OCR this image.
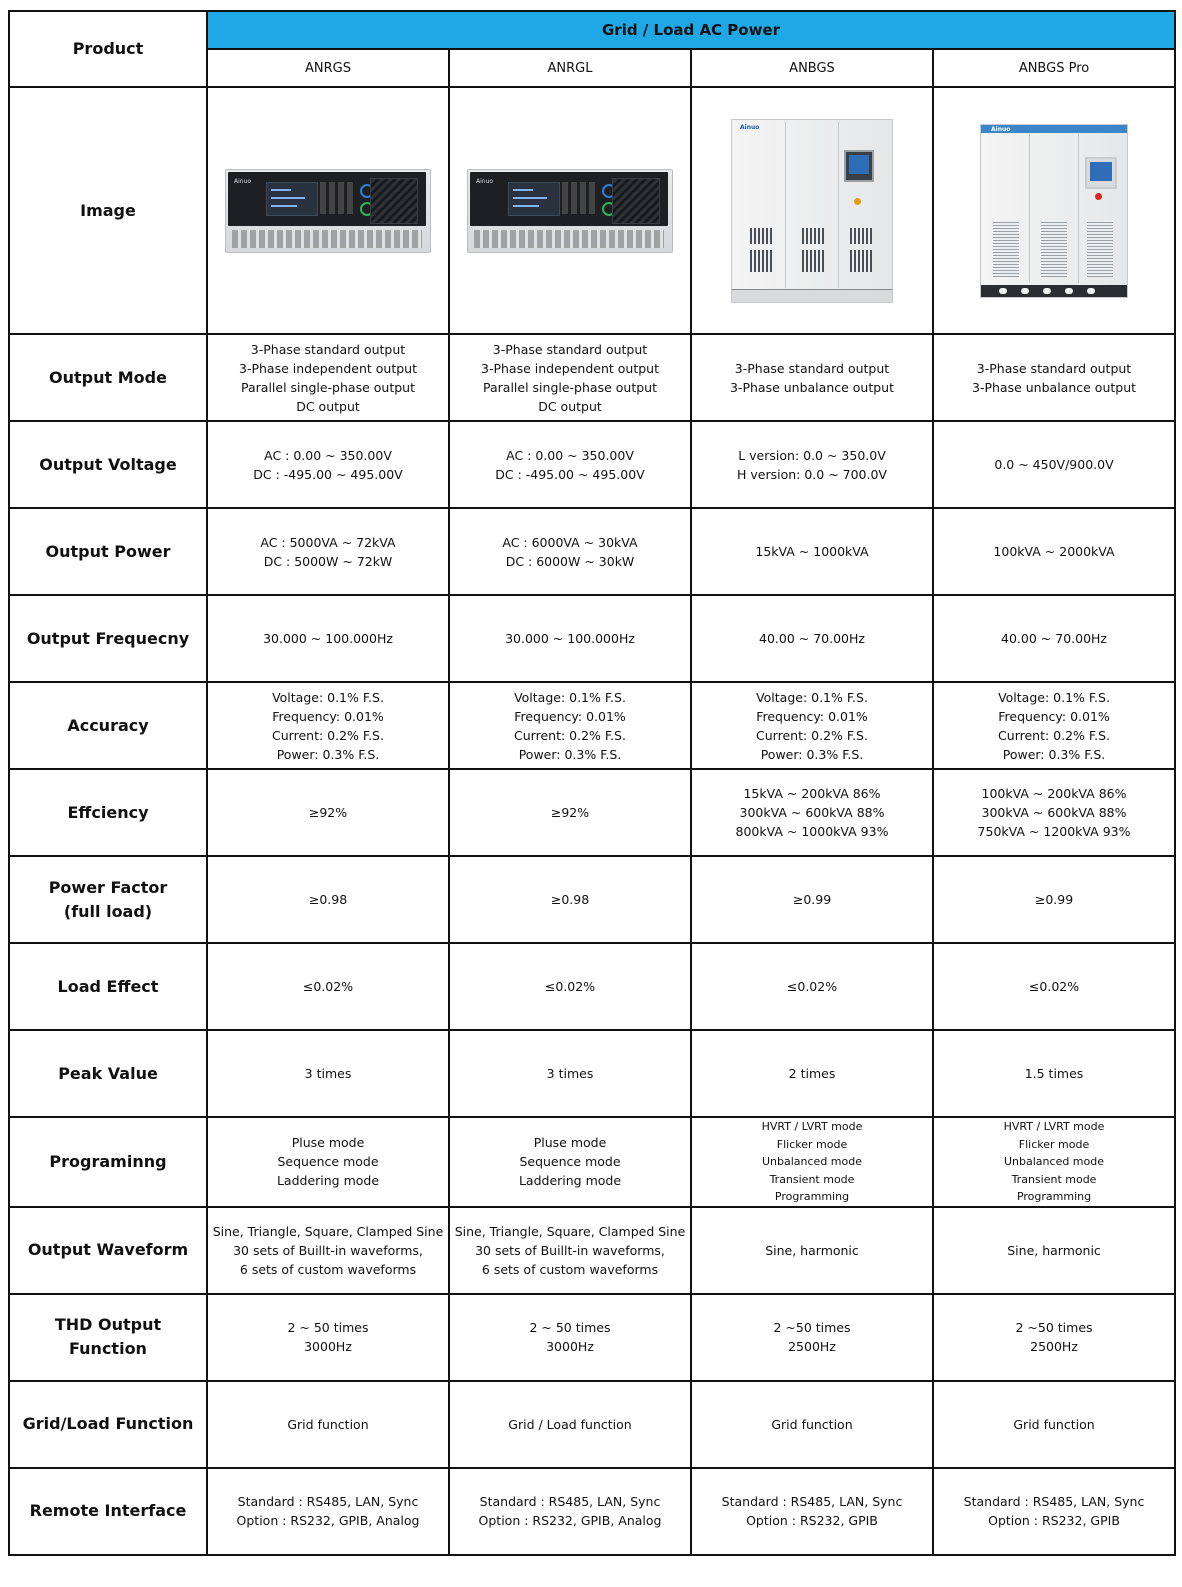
Product	Grid / Load AC Power			
	ANRGS	ANRGL	ANBGS	ANBGS Pro
Image	Ainuo	Ainuo	Ainuo	Ainuo

Output Mode	3-Phase standard output
3-Phase independent output
Parallel single-phase output
DC output	3-Phase standard output
3-Phase independent output
Parallel single-phase output
DC output	3-Phase standard output
3-Phase unbalance output	3-Phase standard output
3-Phase unbalance output

Output Voltage	AC : 0.00 ~ 350.00V
DC : -495.00 ~ 495.00V	AC : 0.00 ~ 350.00V
DC : -495.00 ~ 495.00V	L version: 0.0 ~ 350.0V
H version: 0.0 ~ 700.0V	0.0 ~ 450V/900.0V

Output Power	AC : 5000VA ~ 72kVA
DC : 5000W ~ 72kW	AC : 6000VA ~ 30kVA
DC : 6000W ~ 30kW	15kVA ~ 1000kVA	100kVA ~ 2000kVA

Output Frequecny	30.000 ~ 100.000Hz	30.000 ~ 100.000Hz	40.00 ~ 70.00Hz	40.00 ~ 70.00Hz

Accuracy	Voltage: 0.1% F.S.
Frequency: 0.01%
Current: 0.2% F.S.
Power: 0.3% F.S.	Voltage: 0.1% F.S.
Frequency: 0.01%
Current: 0.2% F.S.
Power: 0.3% F.S.	Voltage: 0.1% F.S.
Frequency: 0.01%
Current: 0.2% F.S.
Power: 0.3% F.S.	Voltage: 0.1% F.S.
Frequency: 0.01%
Current: 0.2% F.S.
Power: 0.3% F.S.

Effciency	≥92%	≥92%	15kVA ~ 200kVA 86%
300kVA ~ 600kVA 88%
800kVA ~ 1000kVA 93%	100kVA ~ 200kVA 86%
300kVA ~ 600kVA 88%
750kVA ~ 1200kVA 93%

Power Factor
(full load)	≥0.98	≥0.98	≥0.99	≥0.99

Load Effect	≤0.02%	≤0.02%	≤0.02%	≤0.02%

Peak Value	3 times	3 times	2 times	1.5 times

Programinng	Pluse mode
Sequence mode
Laddering mode	Pluse mode
Sequence mode
Laddering mode	HVRT / LVRT mode
Flicker mode
Unbalanced mode
Transient mode
Programming	HVRT / LVRT mode
Flicker mode
Unbalanced mode
Transient mode
Programming

Output Waveform	Sine, Triangle, Square, Clamped Sine
30 sets of Buillt-in waveforms,
6 sets of custom waveforms	Sine, Triangle, Square, Clamped Sine
30 sets of Buillt-in waveforms,
6 sets of custom waveforms	Sine, harmonic	Sine, harmonic

THD Output
Function	2 ~ 50 times
3000Hz	2 ~ 50 times
3000Hz	2 ~50 times
2500Hz	2 ~50 times
2500Hz

Grid/Load Function	Grid function	Grid / Load function	Grid function	Grid function

Remote Interface	Standard : RS485, LAN, Sync
Option : RS232, GPIB, Analog	Standard : RS485, LAN, Sync
Option : RS232, GPIB, Analog	Standard : RS485, LAN, Sync
Option : RS232, GPIB	Standard : RS485, LAN, Sync
Option : RS232, GPIB
